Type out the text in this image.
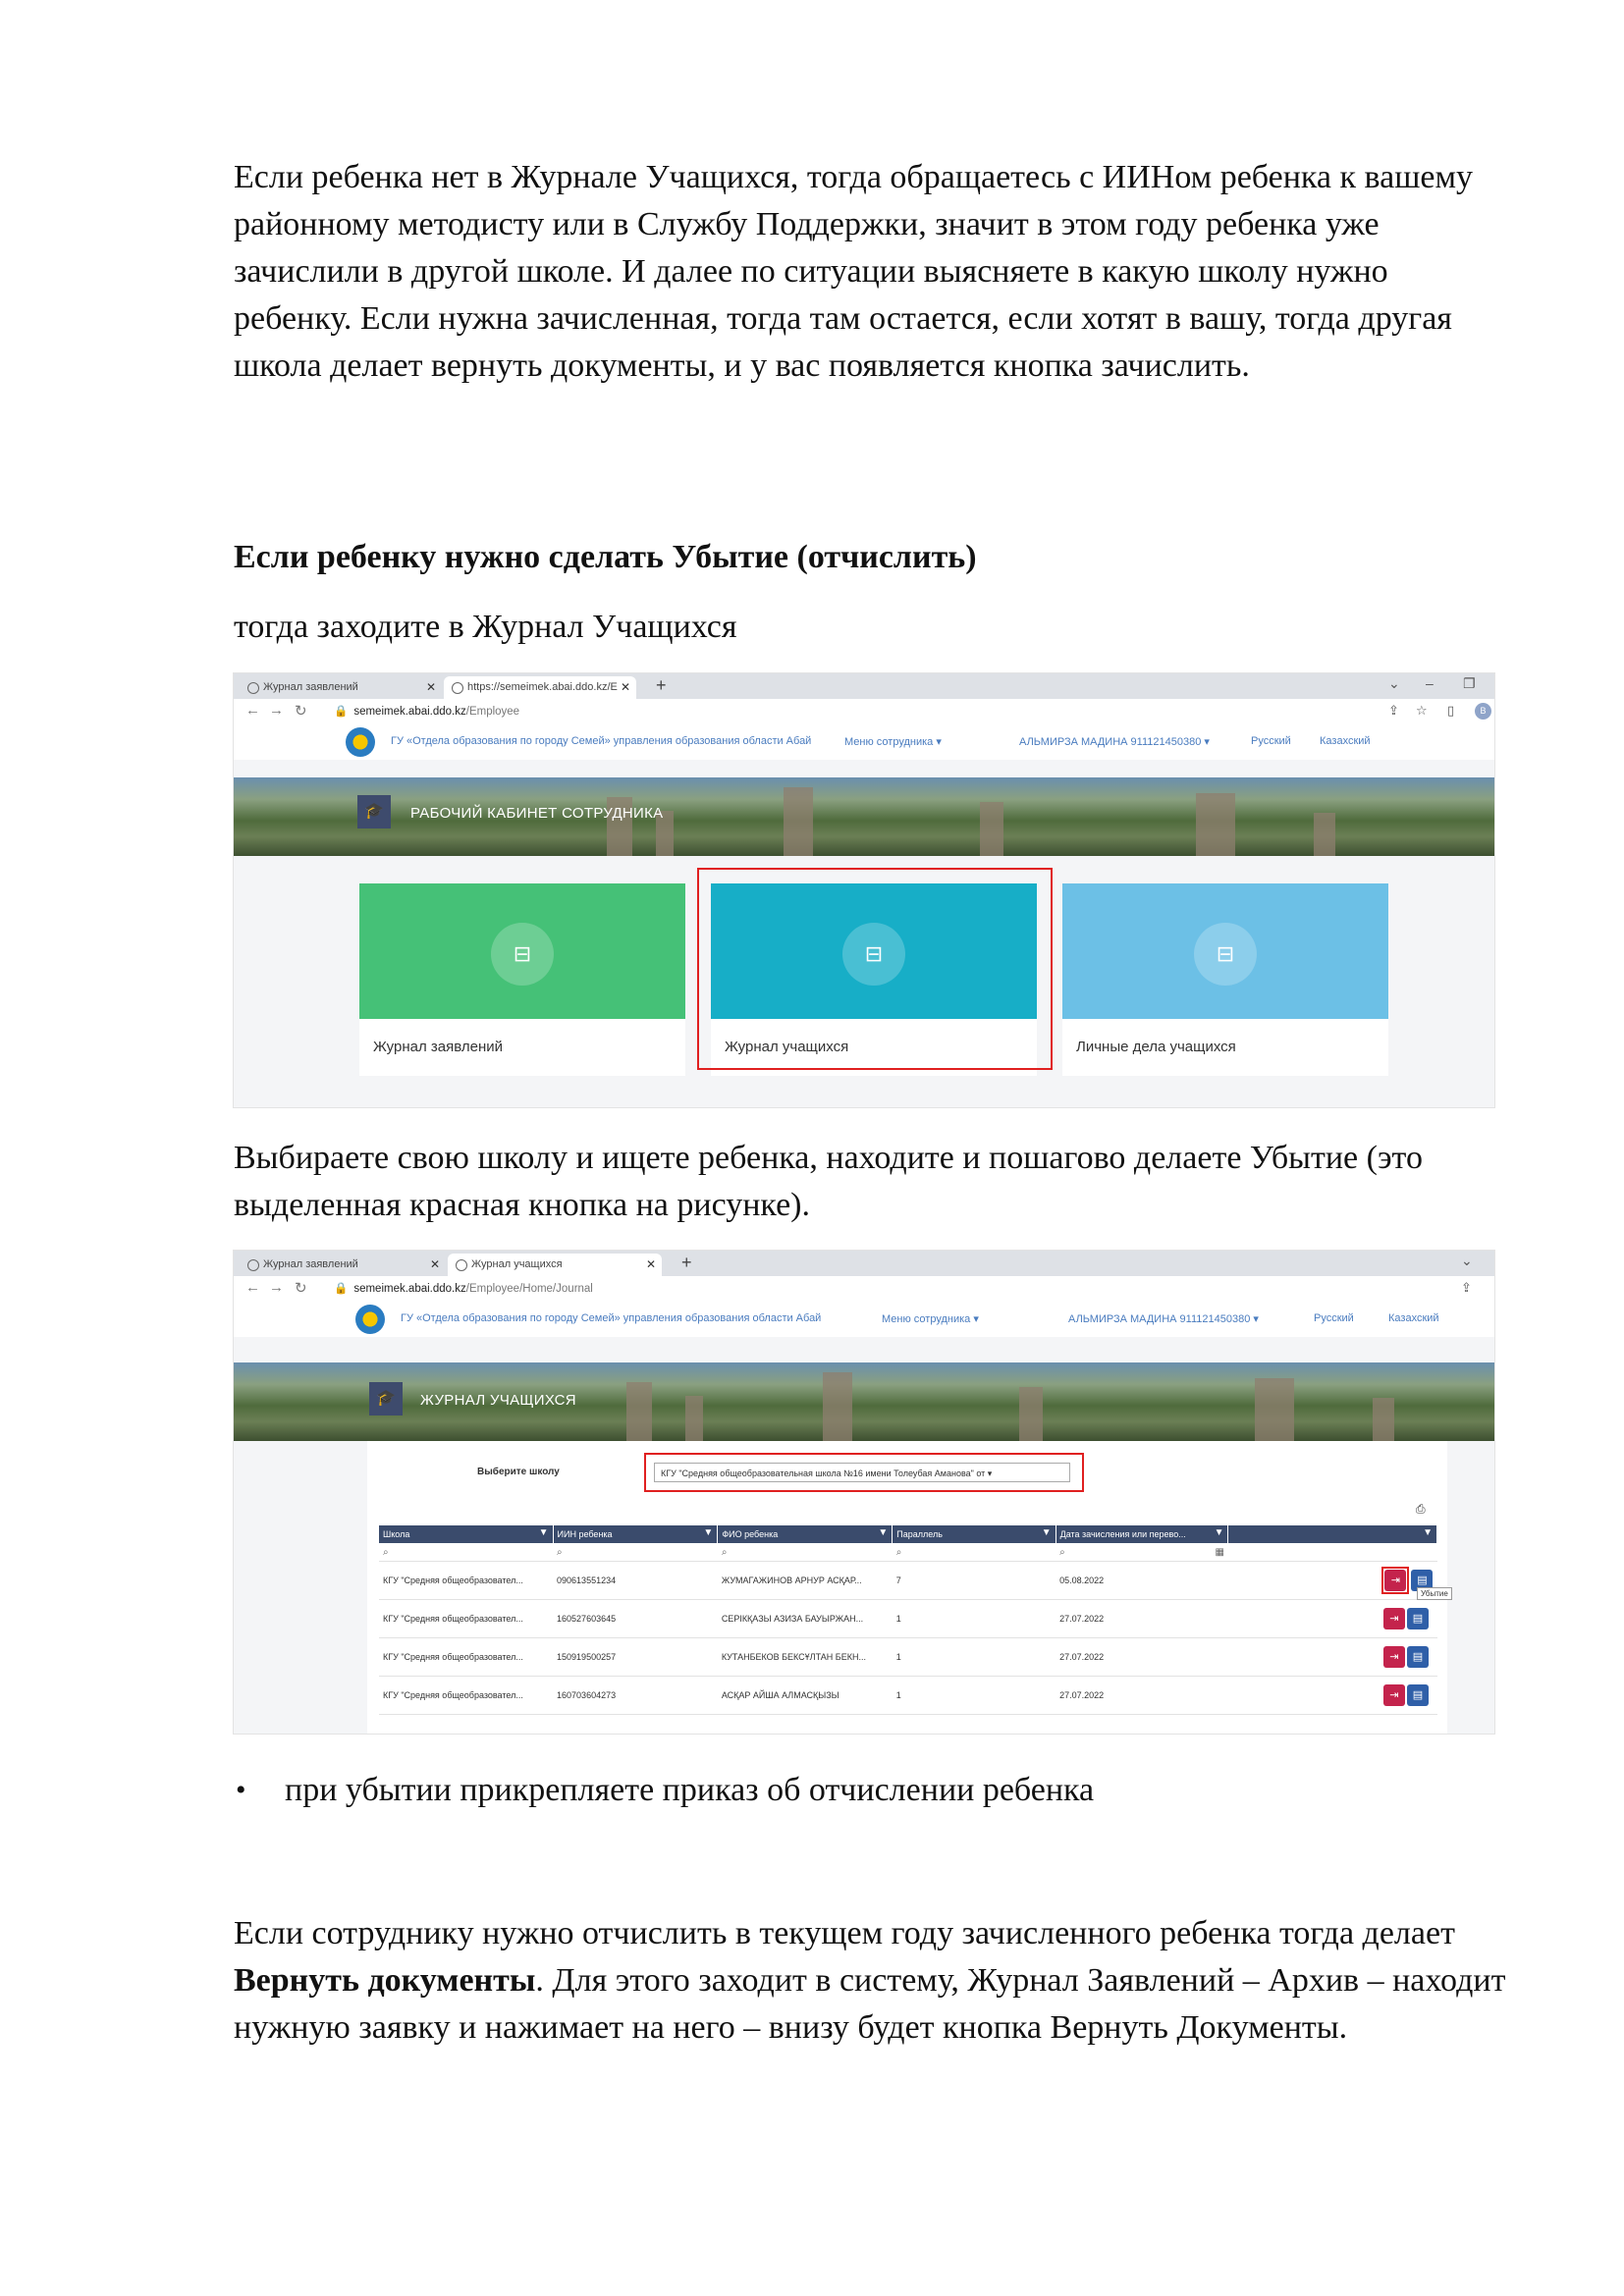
Если ребенка нет в Журнале Учащихся, тогда обращаетесь с ИИНом ребенка к вашему районному методисту или в Службу Поддержки, значит в этом году ребенка уже зачислили в другой школе. И далее по ситуации выясняете в какую школу нужно ребенку. Если нужна зачисленная, тогда там остается, если хотят в вашу, тогда другая школа делает вернуть документы, и у вас появляется кнопка зачислить.

Если ребенку нужно сделать Убытие (отчислить)

тогда заходите в Журнал Учащихся

Журнал заявлений	✕	https://semeimek.abai.ddo.kz/E ✕ +	⌄ – ❐
← → ↻ 🔒 semeimek.abai.ddo.kz/Employee	⇪ ☆ ▯	B
ГУ «Отдела образования по городу Семей» управления образования области Абай	Меню сотрудника ▾	АЛЬМИРЗА МАДИНА 911121450380 ▾	Русский	Казахский
🎓	РАБОЧИЙ КАБИНЕТ СОТРУДНИКА
⊟
Журнал заявлений
⊟
Журнал учащихся
⊟
Личные дела учащихся

Выбираете свою школу и ищете ребенка, находите и пошагово делаете Убытие (это выделенная красная кнопка на рисунке).

Журнал заявлений	✕	Журнал учащихся	✕ +	⌄
← → ↻ 🔒 semeimek.abai.ddo.kz/Employee/Home/Journal	⇪
ГУ «Отдела образования по городу Семей» управления образования области Абай	Меню сотрудника ▾	АЛЬМИРЗА МАДИНА 911121450380 ▾	Русский	Казахский
🎓	ЖУРНАЛ УЧАЩИХСЯ
Выберите школу	КГУ "Средняя общеобразовательная школа №16 имени Толеубая Аманова" от ▾
⎙
Школа ▼	ИИН ребенка ▼	ФИО ребенка ▼	Параллель ▼	Дата зачисления или перево... ▼	▼

⌕	⌕	⌕	⌕	⌕ ▦	

КГУ "Средняя общеобразовател...	090613551234	ЖУМАГАЖИНОВ АРНУР АСҚАР...	7	05.08.2022	⇥ ▤
Убытие

КГУ "Средняя общеобразовател...	160527603645	СЕРІКҚАЗЫ АЗИЗА БАУЫРЖАН...	1	27.07.2022	⇥ ▤
КГУ "Средняя общеобразовател...	150919500257	КУТАНБЕКОВ БЕКСҰЛТАН БЕКН...	1	27.07.2022	⇥ ▤
КГУ "Средняя общеобразовател...	160703604273	АСҚАР АЙША АЛМАСҚЫЗЫ	1	27.07.2022	⇥ ▤
• при убытии прикрепляете приказ об отчислении ребенка

Если сотруднику нужно отчислить в текущем году зачисленного ребенка тогда делает Вернуть документы. Для этого заходит в систему, Журнал Заявлений – Архив – находит нужную заявку и нажимает на него – внизу будет кнопка Вернуть Документы.
